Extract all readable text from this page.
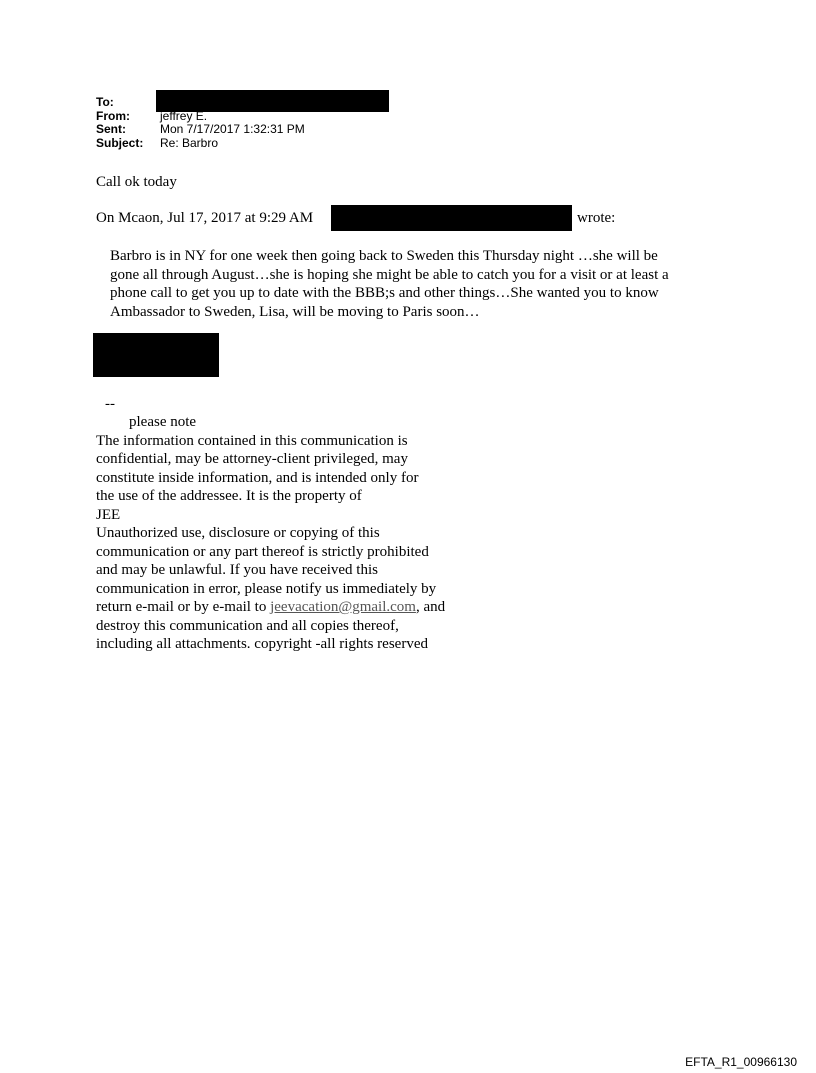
To:
From:	jeffrey E.
Sent:	Mon 7/17/2017 1:32:31 PM
Subject:	Re: Barbro
Call ok today
On Mcaon, Jul 17, 2017 at 9:29 AM	wrote:

Barbro is in NY for one week then going back to Sweden this Thursday night …she will be

gone all through August…she is hoping she might be able to catch you for a visit or at least a

phone call to get you up to date with the BBB;s and other things…She wanted you to know

Ambassador to Sweden, Lisa, will be moving to Paris soon…

--

please note

The information contained in this communication is

confidential, may be attorney-client privileged, may

constitute inside information, and is intended only for

the use of the addressee. It is the property of

JEE

Unauthorized use, disclosure or copying of this

communication or any part thereof is strictly prohibited

and may be unlawful. If you have received this

communication in error, please notify us immediately by

return e-mail or by e-mail to jeevacation@gmail.com, and

destroy this communication and all copies thereof,

including all attachments. copyright -all rights reserved

EFTA_R1_00966130
